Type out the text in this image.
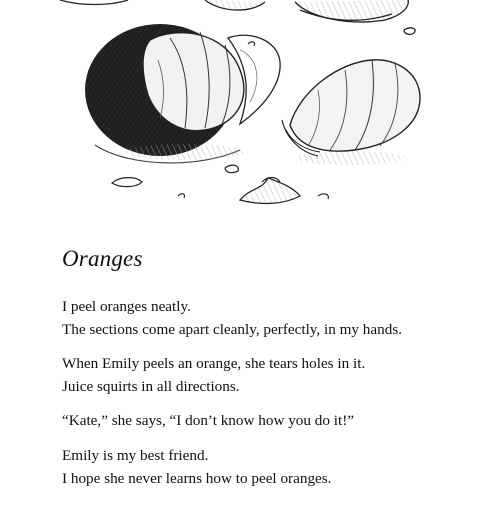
Oranges

I peel oranges neatly.
The sections come apart cleanly, perfectly, in my hands.

When Emily peels an orange, she tears holes in it.
Juice squirts in all directions.

“Kate,” she says, “I don’t know how you do it!”

Emily is my best friend.
I hope she never learns how to peel oranges.
